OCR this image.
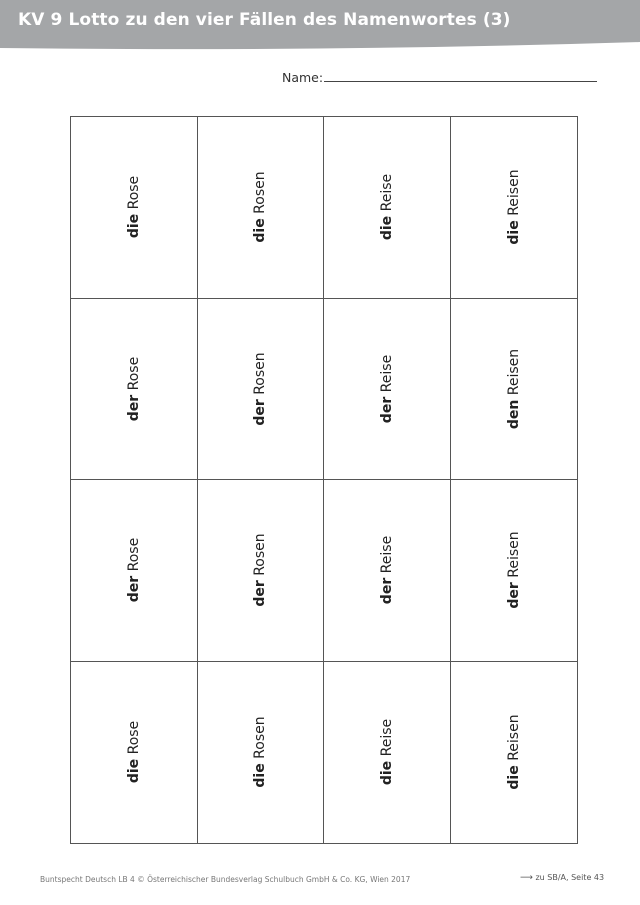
KV 9 Lotto zu den vier Fällen des Namenwortes (3)
Name:
die Rose
die Rosen
die Reise
die Reisen
der Rose
der Rosen
der Reise
den Reisen
der Rose
der Rosen
der Reise
der Reisen
die Rose
die Rosen
die Reise
die Reisen
Buntspecht Deutsch LB 4 © Österreichischer Bundesverlag Schulbuch GmbH & Co. KG, Wien 2017	⟶ zu SB/A, Seite 43
